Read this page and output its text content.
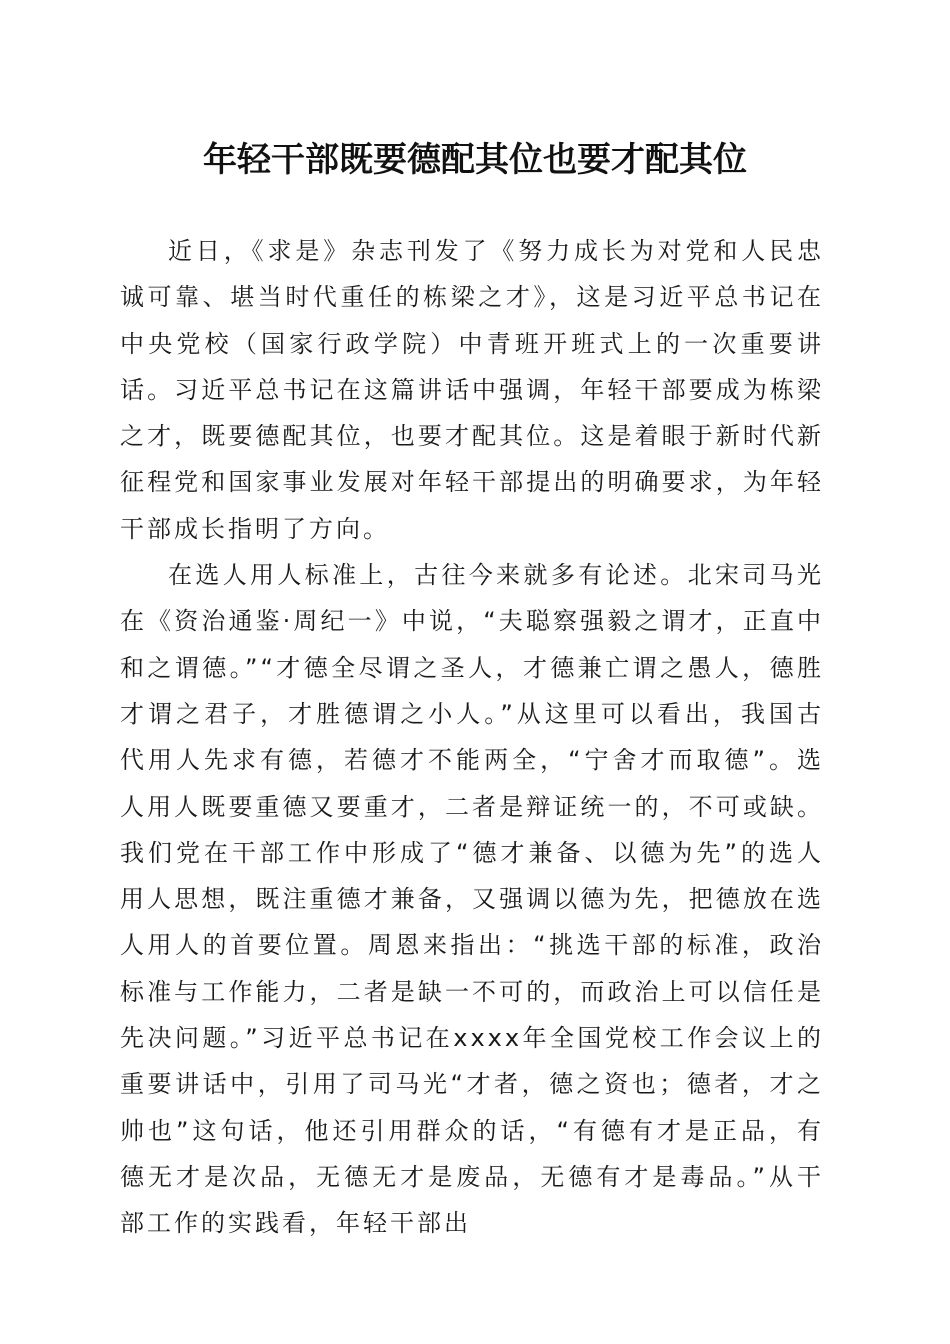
年轻干部既要德配其位也要才配其位

近日，《求是》杂志刊发了《努力成长为对党和人民忠诚可靠、堪当时代重任的栋梁之才》，这是习近平总书记在中央党校（国家行政学院）中青班开班式上的一次重要讲话。习近平总书记在这篇讲话中强调，年轻干部要成为栋梁之才，既要德配其位，也要才配其位。这是着眼于新时代新征程党和国家事业发展对年轻干部提出的明确要求，为年轻干部成长指明了方向。

在选人用人标准上，古往今来就多有论述。北宋司马光在《资治通鉴·周纪一》中说，“夫聪察强毅之谓才，正直中和之谓德。”“才德全尽谓之圣人，才德兼亡谓之愚人，德胜才谓之君子，才胜德谓之小人。”从这里可以看出，我国古代用人先求有德，若德才不能两全，“宁舍才而取德”。选人用人既要重德又要重才，二者是辩证统一的，不可或缺。我们党在干部工作中形成了“德才兼备、以德为先”的选人用人思想，既注重德才兼备，又强调以德为先，把德放在选人用人的首要位置。周恩来指出：“挑选干部的标准，政治标准与工作能力，二者是缺一不可的，而政治上可以信任是先决问题。”习近平总书记在xxxx年全国党校工作会议上的重要讲话中，引用了司马光“才者，德之资也；德者，才之帅也”这句话，他还引用群众的话，“有德有才是正品，有德无才是次品，无德无才是废品，无德有才是毒品。”从干部工作的实践看，年轻干部出
